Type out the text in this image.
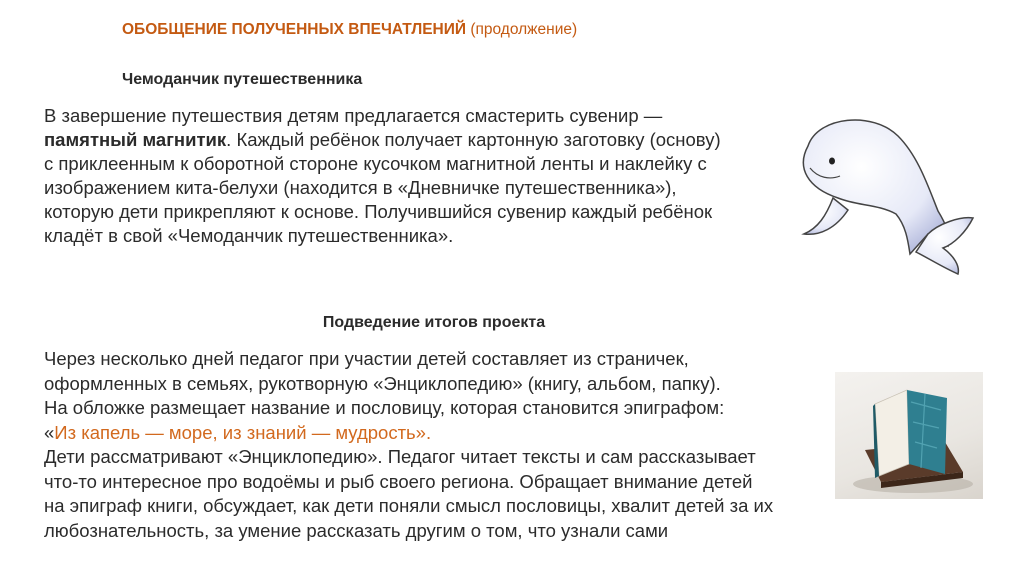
ОБОБЩЕНИЕ ПОЛУЧЕННЫХ ВПЕЧАТЛЕНИЙ (продолжение)
Чемоданчик путешественника

В завершение путешествия детям предлагается смастерить сувенир — памятный магнитик. Каждый ребёнок получает картонную заготовку (основу) с приклеенным к оборотной стороне кусочком магнитной ленты и наклейку с изображением кита-белухи (находится в «Дневничке путешественника»), которую дети прикрепляют к основе. Получившийся сувенир каждый ребёнок кладёт в свой «Чемоданчик путешественника».

Подведение итогов проекта

Через несколько дней педагог при участии детей составляет из страничек,
оформленных в семьях, рукотворную «Энциклопедию» (книгу, альбом, папку).
На обложке размещает название и пословицу, которая становится эпиграфом:
«Из капель — море, из знаний — мудрость».
Дети рассматривают «Энциклопедию». Педагог читает тексты и сам рассказывает
что-то интересное про водоёмы и рыб своего региона. Обращает внимание детей
на эпиграф книги, обсуждает, как дети поняли смысл пословицы, хвалит детей за их
любознательность, за умение рассказать другим о том, что узнали сами
